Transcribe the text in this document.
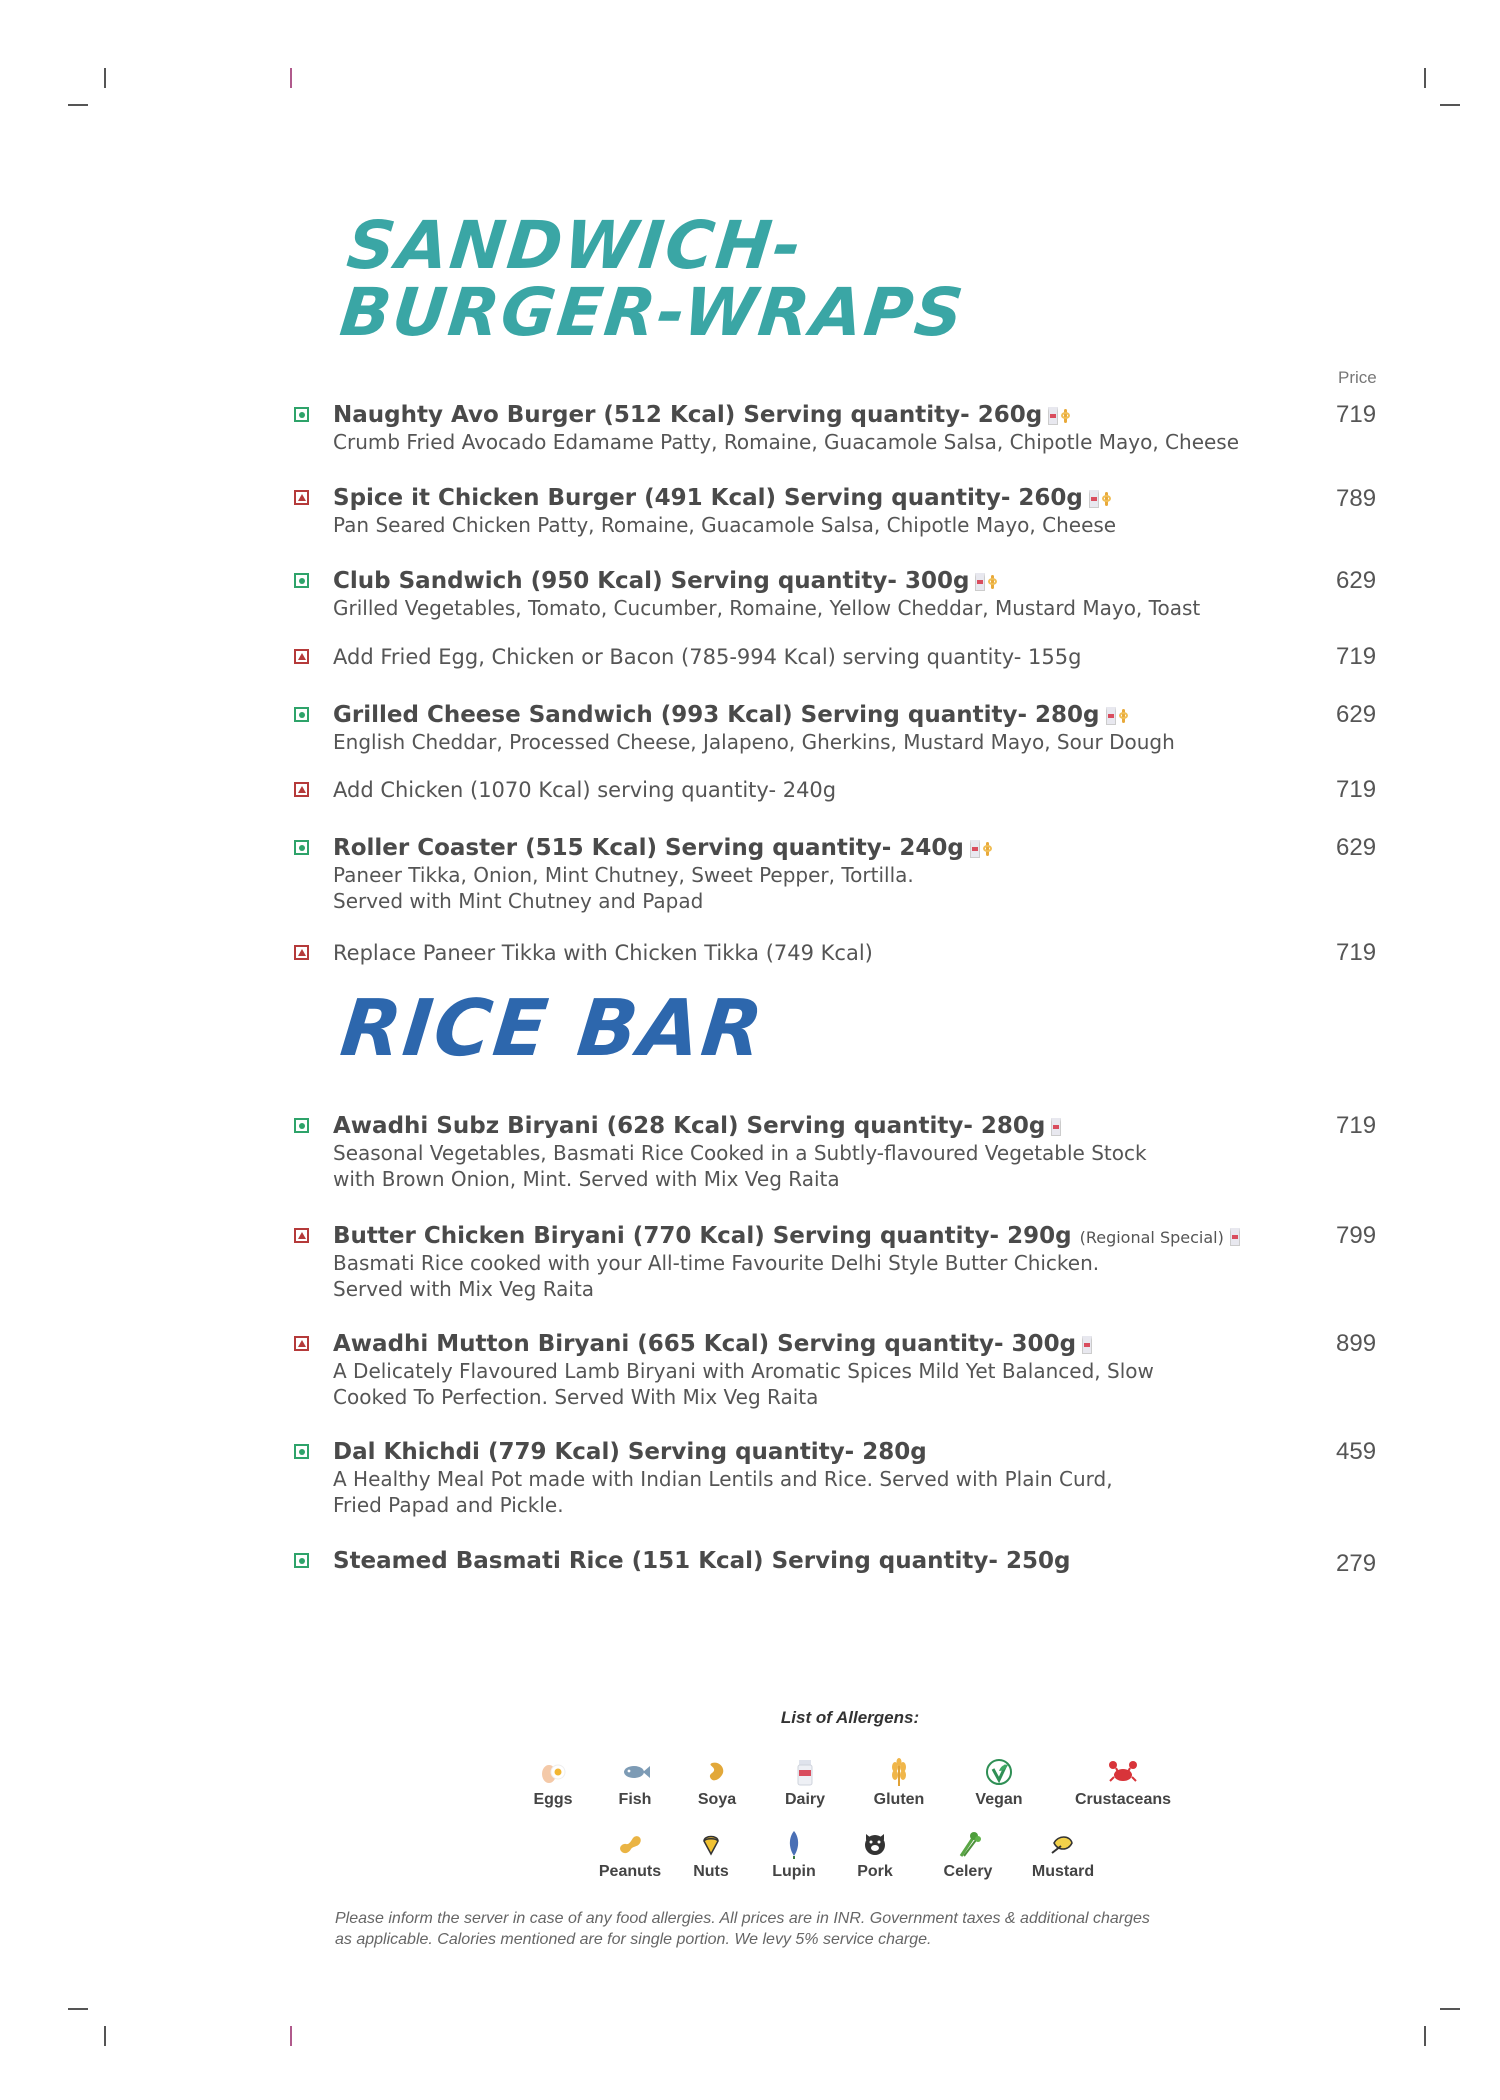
SANDWICH-
BURGER-WRAPS
Price
Naughty Avo Burger (512 Kcal) Serving quantity- 260g
Crumb Fried Avocado Edamame Patty, Romaine, Guacamole Salsa, Chipotle Mayo, Cheese
719
Spice it Chicken Burger (491 Kcal) Serving quantity- 260g
Pan Seared Chicken Patty, Romaine, Guacamole Salsa, Chipotle Mayo, Cheese
789
Club Sandwich (950 Kcal) Serving quantity- 300g
Grilled Vegetables, Tomato, Cucumber, Romaine, Yellow Cheddar, Mustard Mayo, Toast
629
Add Fried Egg, Chicken or Bacon (785-994 Kcal) serving quantity- 155g	719
Grilled Cheese Sandwich (993 Kcal) Serving quantity- 280g
English Cheddar, Processed Cheese, Jalapeno, Gherkins, Mustard Mayo, Sour Dough
629
Add Chicken (1070 Kcal) serving quantity- 240g	719
Roller Coaster (515 Kcal) Serving quantity- 240g
Paneer Tikka, Onion, Mint Chutney, Sweet Pepper, Tortilla.
Served with Mint Chutney and Papad
629
Replace Paneer Tikka with Chicken Tikka (749 Kcal)	719
RICE BAR
Awadhi Subz Biryani (628 Kcal) Serving quantity- 280g
Seasonal Vegetables, Basmati Rice Cooked in a Subtly-flavoured Vegetable Stock
with Brown Onion, Mint. Served with Mix Veg Raita
719
Butter Chicken Biryani (770 Kcal) Serving quantity- 290g (Regional Special)
Basmati Rice cooked with your All-time Favourite Delhi Style Butter Chicken.
Served with Mix Veg Raita
799
Awadhi Mutton Biryani (665 Kcal) Serving quantity- 300g
A Delicately Flavoured Lamb Biryani with Aromatic Spices Mild Yet Balanced, Slow
Cooked To Perfection. Served With Mix Veg Raita
899
Dal Khichdi (779 Kcal) Serving quantity- 280g
A Healthy Meal Pot made with Indian Lentils and Rice. Served with Plain Curd,
Fried Papad and Pickle.
459
Steamed Basmati Rice (151 Kcal) Serving quantity- 250g	279
List of Allergens:
Eggs	Fish	Soya	Dairy	Gluten	Vegan	Crustaceans
Peanuts	Nuts	Lupin	Pork	Celery	Mustard
Please inform the server in case of any food allergies. All prices are in INR. Government taxes & additional charges
as applicable. Calories mentioned are for single portion. We levy 5% service charge.
